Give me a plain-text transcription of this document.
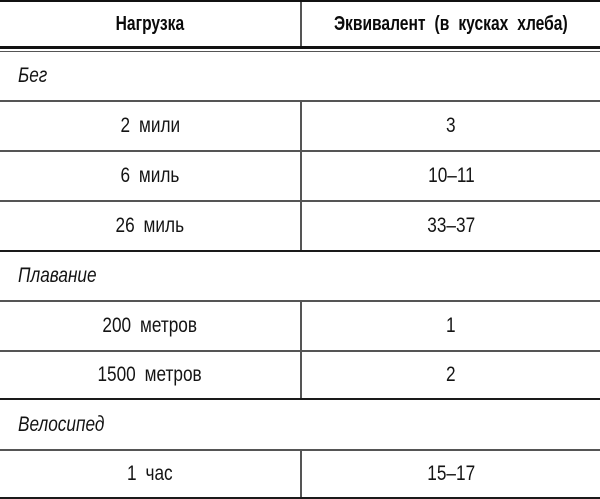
Нагрузка	Эквивалент (в кусках хлеба)
Бег
2 мили	3
6 миль	10–11
26 миль	33–37
Плавание
200 метров	1
1500 метров	2
Велосипед
1 час	15–17
